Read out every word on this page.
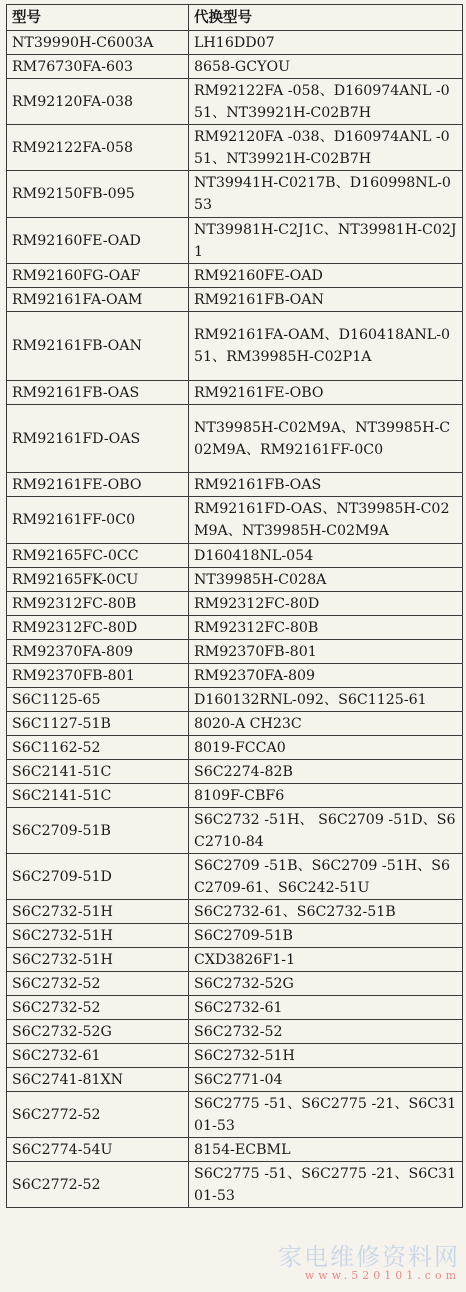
型号	代换型号
NT39990H-C6003A	LH16DD07
RM76730FA-603	8658-GCYOU
RM92120FA-038	RM92122FA -058、D160974ANL -051、NT39921H-C02B7H
RM92122FA-058	RM92120FA -038、D160974ANL -051、NT39921H-C02B7H
RM92150FB-095	NT39941H-C0217B、D160998NL-053
RM92160FE-OAD	NT39981H-C2J1C、NT39981H-C02J1
RM92160FG-OAF	RM92160FE-OAD
RM92161FA-OAM	RM92161FB-OAN
RM92161FB-OAN	RM92161FA-OAM、D160418ANL-051、RM39985H-C02P1A
RM92161FB-OAS	RM92161FE-OBO
RM92161FD-OAS	NT39985H-C02M9A、NT39985H-C02M9A、RM92161FF-0C0
RM92161FE-OBO	RM92161FB-OAS
RM92161FF-0C0	RM92161FD-OAS、NT39985H-C02M9A、NT39985H-C02M9A
RM92165FC-0CC	D160418NL-054
RM92165FK-0CU	NT39985H-C028A
RM92312FC-80B	RM92312FC-80D
RM92312FC-80D	RM92312FC-80B
RM92370FA-809	RM92370FB-801
RM92370FB-801	RM92370FA-809
S6C1125-65	D160132RNL-092、S6C1125-61
S6C1127-51B	8020-A CH23C
S6C1162-52	8019-FCCA0
S6C2141-51C	S6C2274-82B
S6C2141-51C	8109F-CBF6
S6C2709-51B	S6C2732 -51H、 S6C2709 -51D、S6C2710-84
S6C2709-51D	S6C2709 -51B、S6C2709 -51H、S6C2709-61、S6C242-51U
S6C2732-51H	S6C2732-61、S6C2732-51B
S6C2732-51H	S6C2709-51B
S6C2732-51H	CXD3826F1-1
S6C2732-52	S6C2732-52G
S6C2732-52	S6C2732-61
S6C2732-52G	S6C2732-52
S6C2732-61	S6C2732-51H
S6C2741-81XN	S6C2771-04
S6C2772-52	S6C2775 -51、S6C2775 -21、S6C3101-53
S6C2774-54U	8154-ECBML
S6C2772-52	S6C2775 -51、S6C2775 -21、S6C3101-53
家电维修资料网
www.520101.com
